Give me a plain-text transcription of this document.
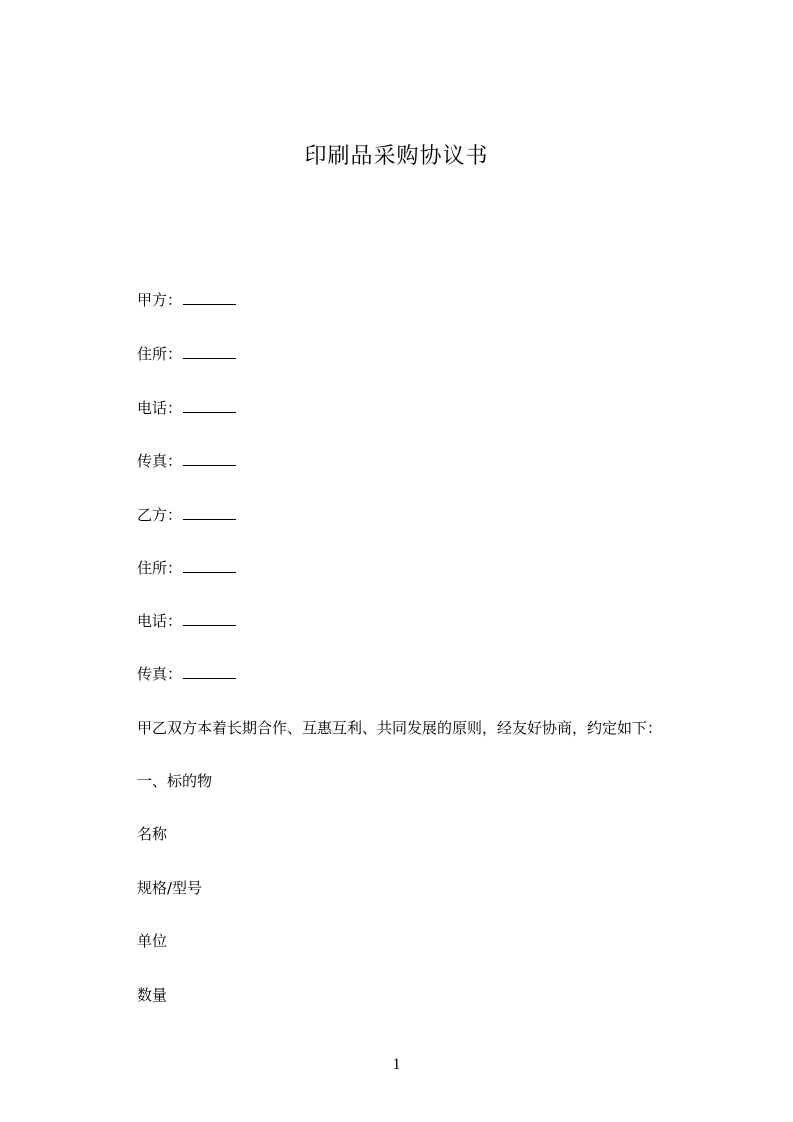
印刷品采购协议书
甲方：
住所：
电话：
传真：
乙方：
住所：
电话：
传真：
甲乙双方本着长期合作、互惠互利、共同发展的原则，经友好协商，约定如下：
一、标的物
名称
规格/型号
单位
数量
1
